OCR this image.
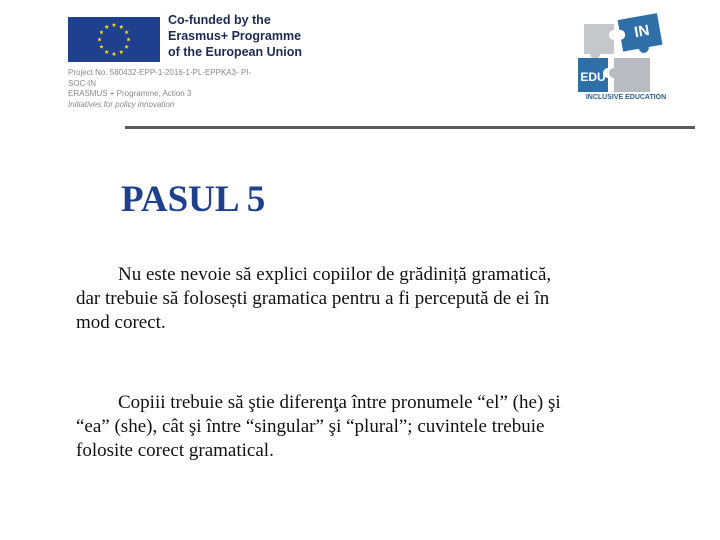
Co-funded by the
Erasmus+ Programme
of the European Union
Project No. 580432-EPP-1-2016-1-PL-EPPKA3- PI-
SOC-IN
ERASMUS + Programme, Action 3
Initiatives for policy innovation
IN
EDU
INCLUSIVE EDUCATION
PASUL 5
Nu este nevoie să explici copiilor de grădiniță gramatică,
dar trebuie să folosești gramatica pentru a fi percepută de ei în
mod corect.
Copiii trebuie să ştie diferenţa între pronumele “el” (he) şi
“ea” (she), cât şi între “singular” şi “plural”; cuvintele trebuie
folosite corect gramatical.
